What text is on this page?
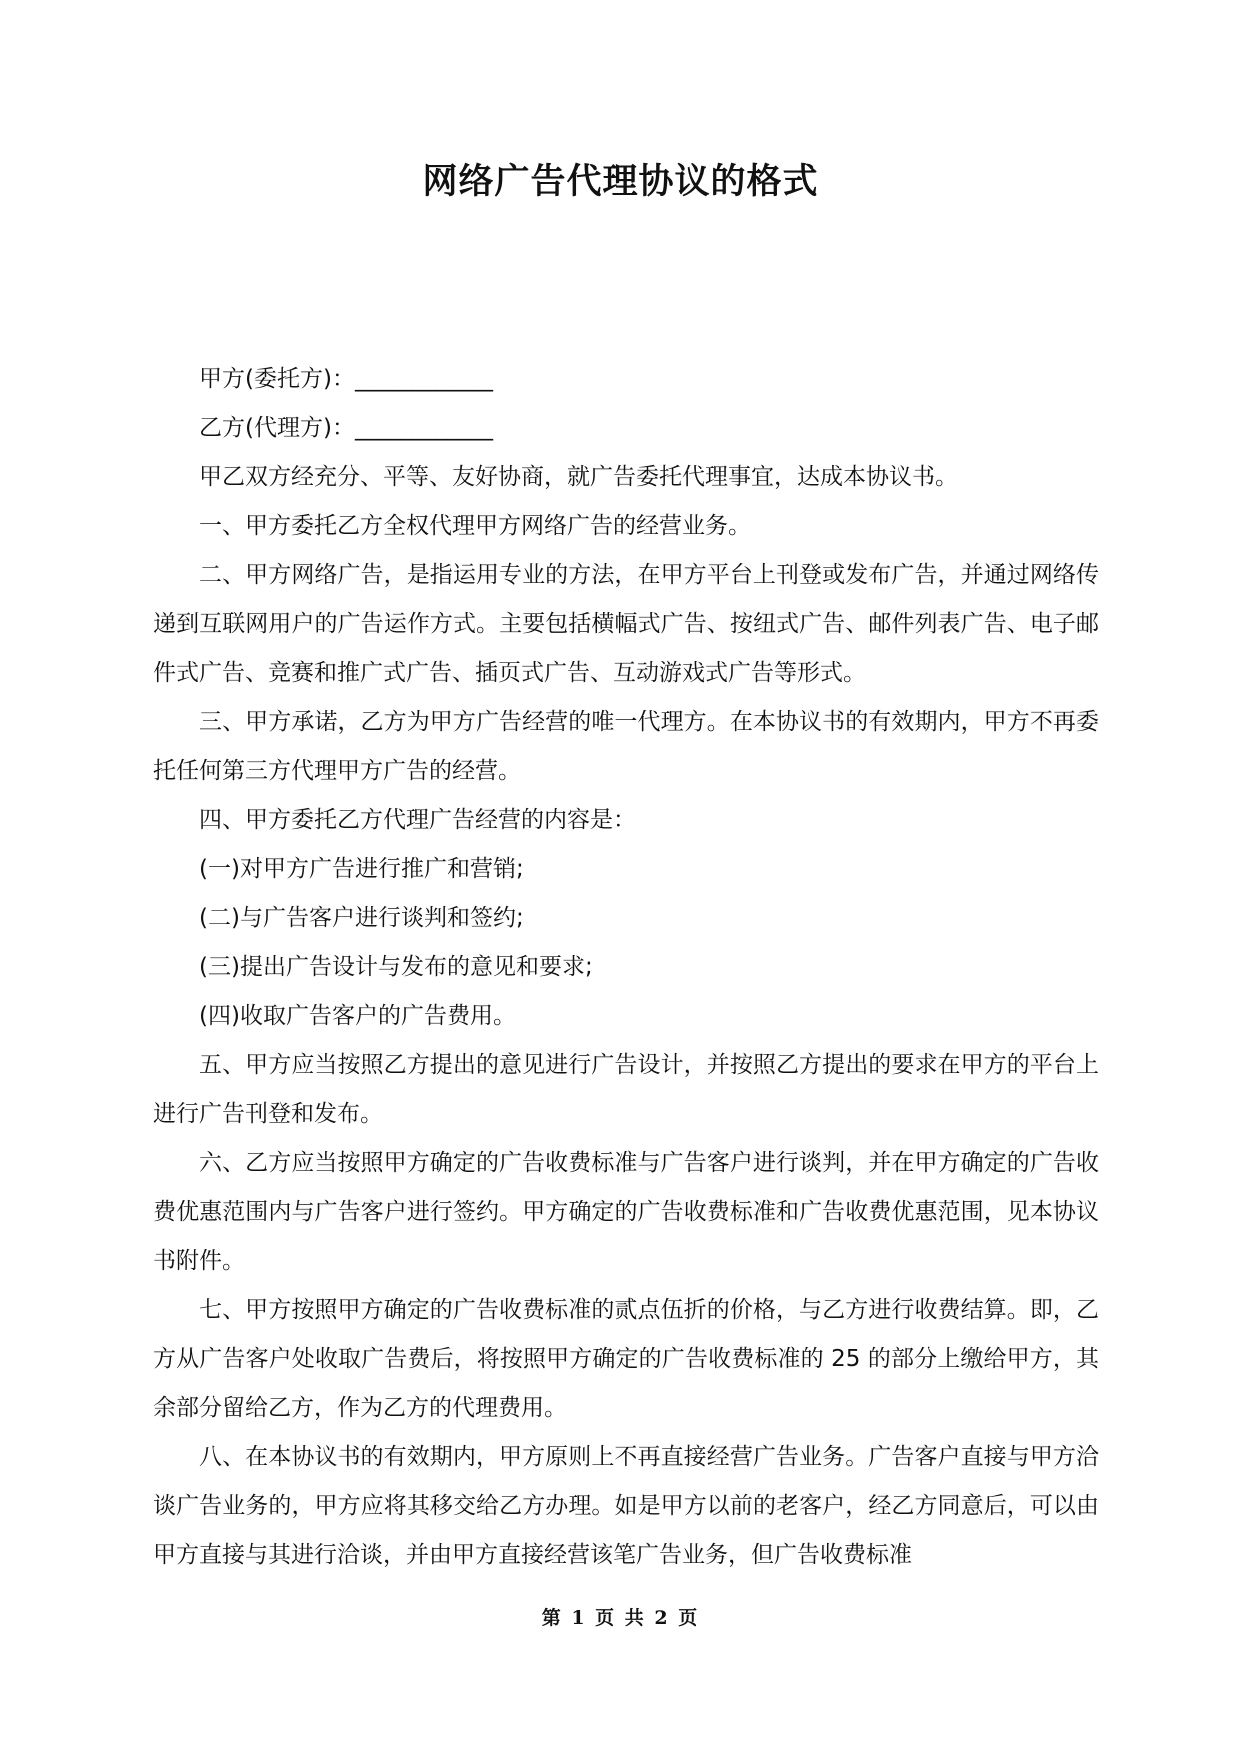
网络广告代理协议的格式

甲方(委托方)：____________

乙方(代理方)：____________

甲乙双方经充分、平等、友好协商，就广告委托代理事宜，达成本协议书。

一、甲方委托乙方全权代理甲方网络广告的经营业务。

二、甲方网络广告，是指运用专业的方法，在甲方平台上刊登或发布广告，并通过网络传递到互联网用户的广告运作方式。主要包括横幅式广告、按纽式广告、邮件列表广告、电子邮件式广告、竞赛和推广式广告、插页式广告、互动游戏式广告等形式。

三、甲方承诺，乙方为甲方广告经营的唯一代理方。在本协议书的有效期内，甲方不再委托任何第三方代理甲方广告的经营。

四、甲方委托乙方代理广告经营的内容是：

(一)对甲方广告进行推广和营销;

(二)与广告客户进行谈判和签约;

(三)提出广告设计与发布的意见和要求;

(四)收取广告客户的广告费用。

五、甲方应当按照乙方提出的意见进行广告设计，并按照乙方提出的要求在甲方的平台上进行广告刊登和发布。

六、乙方应当按照甲方确定的广告收费标准与广告客户进行谈判，并在甲方确定的广告收费优惠范围内与广告客户进行签约。甲方确定的广告收费标准和广告收费优惠范围，见本协议书附件。

七、甲方按照甲方确定的广告收费标准的贰点伍折的价格，与乙方进行收费结算。即，乙方从广告客户处收取广告费后，将按照甲方确定的广告收费标准的 25 的部分上缴给甲方，其余部分留给乙方，作为乙方的代理费用。

八、在本协议书的有效期内，甲方原则上不再直接经营广告业务。广告客户直接与甲方洽谈广告业务的，甲方应将其移交给乙方办理。如是甲方以前的老客户，经乙方同意后，可以由甲方直接与其进行洽谈，并由甲方直接经营该笔广告业务，但广告收费标准

第 1 页 共 2 页
